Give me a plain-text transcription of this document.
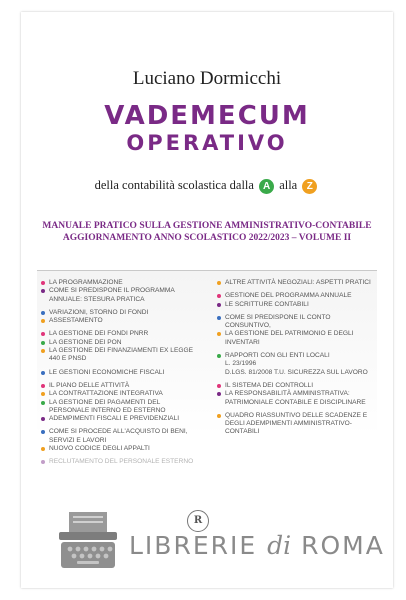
Luciano Dormicchi
VADEMECUM
OPERATIVO
della contabilità scolastica dalla A alla Z
MANUALE PRATICO SULLA GESTIONE AMMINISTRATIVO-CONTABILE
AGGIORNAMENTO ANNO SCOLASTICO 2022/2023 – VOLUME II
LA PROGRAMMAZIONE
COME SI PREDISPONE IL PROGRAMMA ANNUALE: STESURA PRATICA
VARIAZIONI, STORNO DI FONDI
ASSESTAMENTO
LA GESTIONE DEI FONDI PNRR
LA GESTIONE DEI PON
LA GESTIONE DEI FINANZIAMENTI EX LEGGE 440 E PNSD
LE GESTIONI ECONOMICHE FISCALI
IL PIANO DELLE ATTIVITÀ
LA CONTRATTAZIONE INTEGRATIVA
LA GESTIONE DEI PAGAMENTI DEL PERSONALE INTERNO ED ESTERNO
ADEMPIMENTI FISCALI E PREVIDENZIALI
COME SI PROCEDE ALL'ACQUISTO DI BENI, SERVIZI E LAVORI
NUOVO CODICE DEGLI APPALTI
RECLUTAMENTO DEL PERSONALE ESTERNO
ALTRE ATTIVITÀ NEGOZIALI: ASPETTI PRATICI
GESTIONE DEL PROGRAMMA ANNUALE
LE SCRITTURE CONTABILI
COME SI PREDISPONE IL CONTO CONSUNTIVO,
LA GESTIONE DEL PATRIMONIO E DEGLI INVENTARI
RAPPORTI CON GLI ENTI LOCALI
L. 23/1996
D.LGS. 81/2008 T.U. SICUREZZA SUL LAVORO
IL SISTEMA DEI CONTROLLI
LA RESPONSABILITÀ AMMINISTRATIVA: PATRIMONIALE CONTABILE E DISCIPLINARE
QUADRO RIASSUNTIVO DELLE SCADENZE E DEGLI ADEMPIMENTI AMMINISTRATIVO-CONTABILI
R
LIBRERIE di ROMA
